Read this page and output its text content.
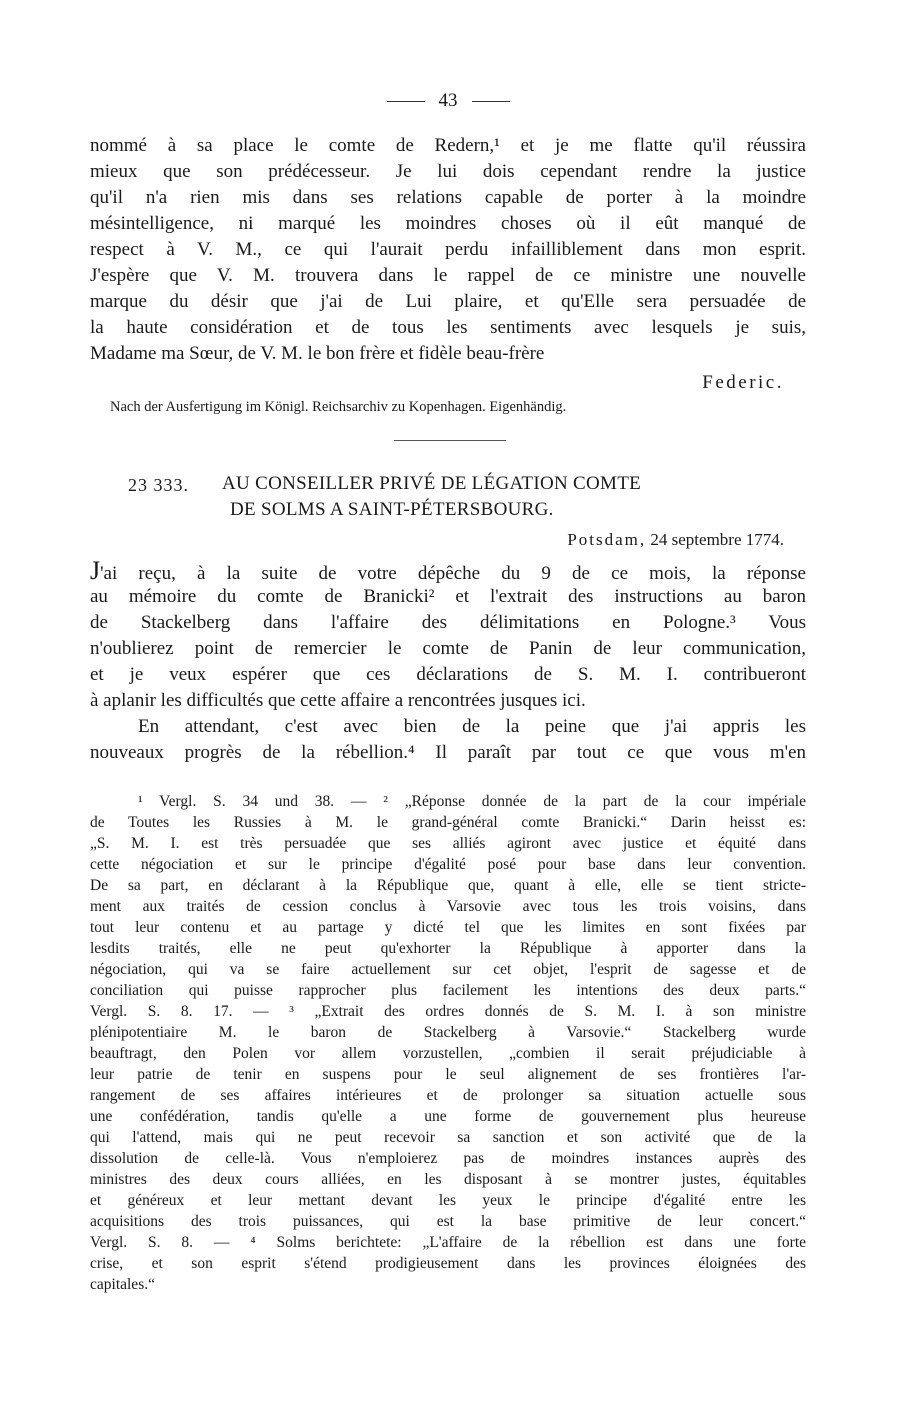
43
nommé à sa place le comte de Redern,¹ et je me flatte qu'il réussira
mieux que son prédécesseur. Je lui dois cependant rendre la justice
qu'il n'a rien mis dans ses relations capable de porter à la moindre
mésintelligence, ni marqué les moindres choses où il eût manqué de
respect à V. M., ce qui l'aurait perdu infailliblement dans mon esprit.
J'espère que V. M. trouvera dans le rappel de ce ministre une nouvelle
marque du désir que j'ai de Lui plaire, et qu'Elle sera persuadée de
la haute considération et de tous les sentiments avec lesquels je suis,
Madame ma Sœur, de V. M. le bon frère et fidèle beau-frère
Federic.
Nach der Ausfertigung im Königl. Reichsarchiv zu Kopenhagen. Eigenhändig.
23 333. AU CONSEILLER PRIVÉ DE LÉGATION COMTE
DE SOLMS A SAINT-PÉTERSBOURG.
Potsdam, 24 septembre 1774.
J'ai reçu, à la suite de votre dépêche du 9 de ce mois, la réponse
au mémoire du comte de Branicki² et l'extrait des instructions au baron
de Stackelberg dans l'affaire des délimitations en Pologne.³ Vous
n'oublierez point de remercier le comte de Panin de leur communication,
et je veux espérer que ces déclarations de S. M. I. contribueront
à aplanir les difficultés que cette affaire a rencontrées jusques ici.
En attendant, c'est avec bien de la peine que j'ai appris les
nouveaux progrès de la rébellion.⁴ Il paraît par tout ce que vous m'en
¹ Vergl. S. 34 und 38. — ² „Réponse donnée de la part de la cour impériale
de Toutes les Russies à M. le grand-général comte Branicki.“ Darin heisst es:
„S. M. I. est très persuadée que ses alliés agiront avec justice et équité dans
cette négociation et sur le principe d'égalité posé pour base dans leur convention.
De sa part, en déclarant à la République que, quant à elle, elle se tient stricte-
ment aux traités de cession conclus à Varsovie avec tous les trois voisins, dans
tout leur contenu et au partage y dicté tel que les limites en sont fixées par
lesdits traités, elle ne peut qu'exhorter la République à apporter dans la
négociation, qui va se faire actuellement sur cet objet, l'esprit de sagesse et de
conciliation qui puisse rapprocher plus facilement les intentions des deux parts.“
Vergl. S. 8. 17. — ³ „Extrait des ordres donnés de S. M. I. à son ministre
plénipotentiaire M. le baron de Stackelberg à Varsovie.“ Stackelberg wurde
beauftragt, den Polen vor allem vorzustellen, „combien il serait préjudiciable à
leur patrie de tenir en suspens pour le seul alignement de ses frontières l'ar-
rangement de ses affaires intérieures et de prolonger sa situation actuelle sous
une confédération, tandis qu'elle a une forme de gouvernement plus heureuse
qui l'attend, mais qui ne peut recevoir sa sanction et son activité que de la
dissolution de celle-là. Vous n'emploierez pas de moindres instances auprès des
ministres des deux cours alliées, en les disposant à se montrer justes, équitables
et généreux et leur mettant devant les yeux le principe d'égalité entre les
acquisitions des trois puissances, qui est la base primitive de leur concert.“
Vergl. S. 8. — ⁴ Solms berichtete: „L'affaire de la rébellion est dans une forte
crise, et son esprit s'étend prodigieusement dans les provinces éloignées des
capitales.“
